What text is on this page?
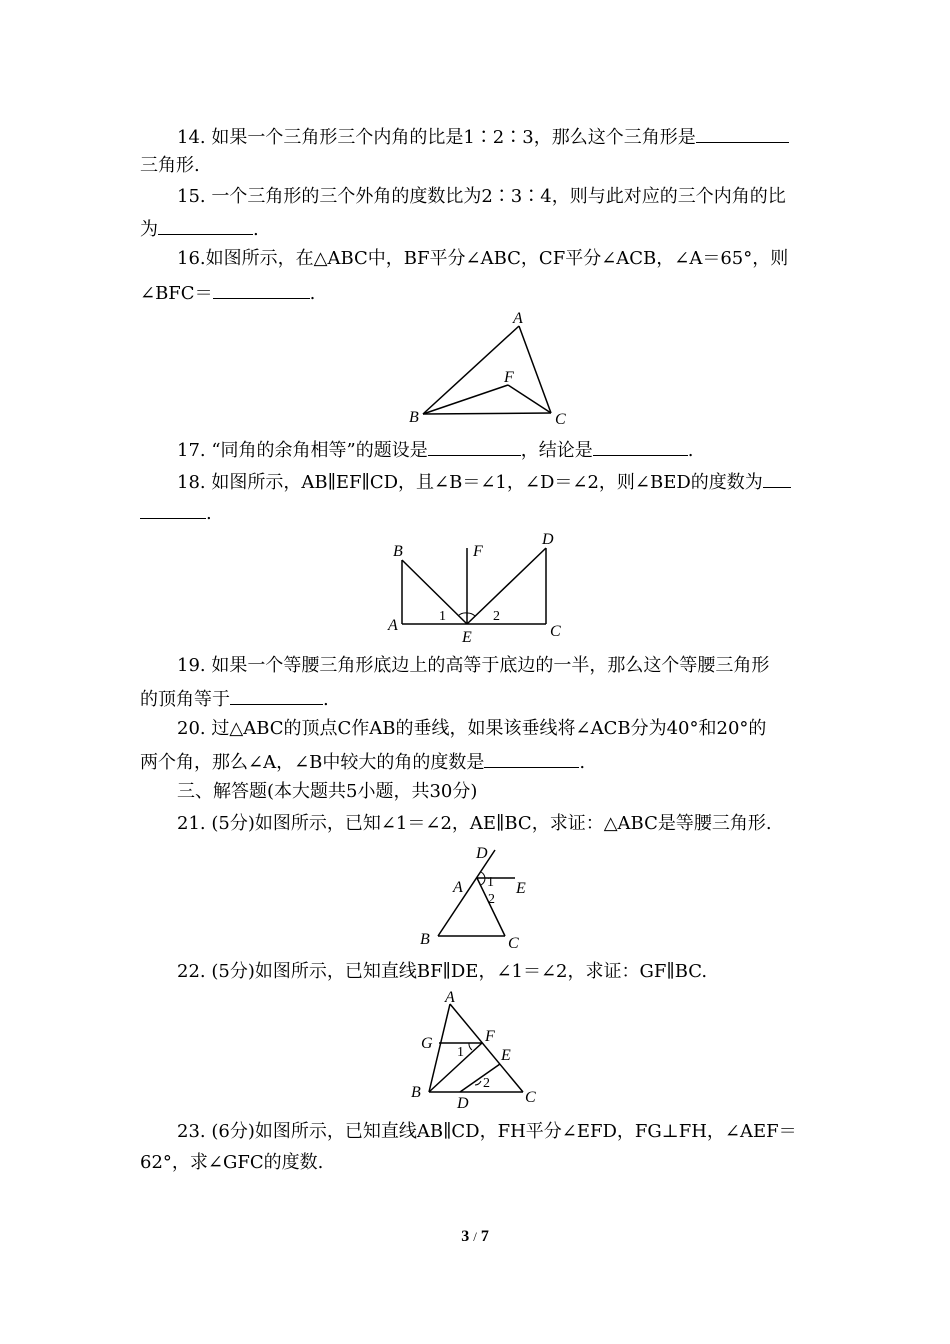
14. 如果一个三角形三个内角的比是1∶2∶3，那么这个三角形是
三角形.
15. 一个三角形的三个外角的度数比为2∶3∶4，则与此对应的三个内角的比
为	.
16.如图所示，在△ABC中，BF平分∠ABC，CF平分∠ACB，∠A＝65°，则
∠BFC＝	.
A
F
B	C
17. “同角的余角相等”的题设是	，结论是	.
18. 如图所示，AB∥EF∥CD，且∠B＝∠1，∠D＝∠2，则∠BED的度数为
.
B	F
D
A
E	C
1	2
19. 如果一个等腰三角形底边上的高等于底边的一半，那么这个等腰三角形
的顶角等于	.
20. 过△ABC的顶点C作AB的垂线，如果该垂线将∠ACB分为40°和20°的
两个角，那么∠A，∠B中较大的角的度数是	.
三、解答题(本大题共5小题，共30分)
21. (5分)如图所示，已知∠1＝∠2，AE∥BC，求证：△ABC是等腰三角形.
D
A	E
B	C
1
2
22. (5分)如图所示，已知直线BF∥DE，∠1＝∠2，求证：GF∥BC.
A
G	F
E
B
D	C
1
2
23. (6分)如图所示，已知直线AB∥CD，FH平分∠EFD，FG⊥FH，∠AEF＝
62°，求∠GFC的度数.
3 / 7
